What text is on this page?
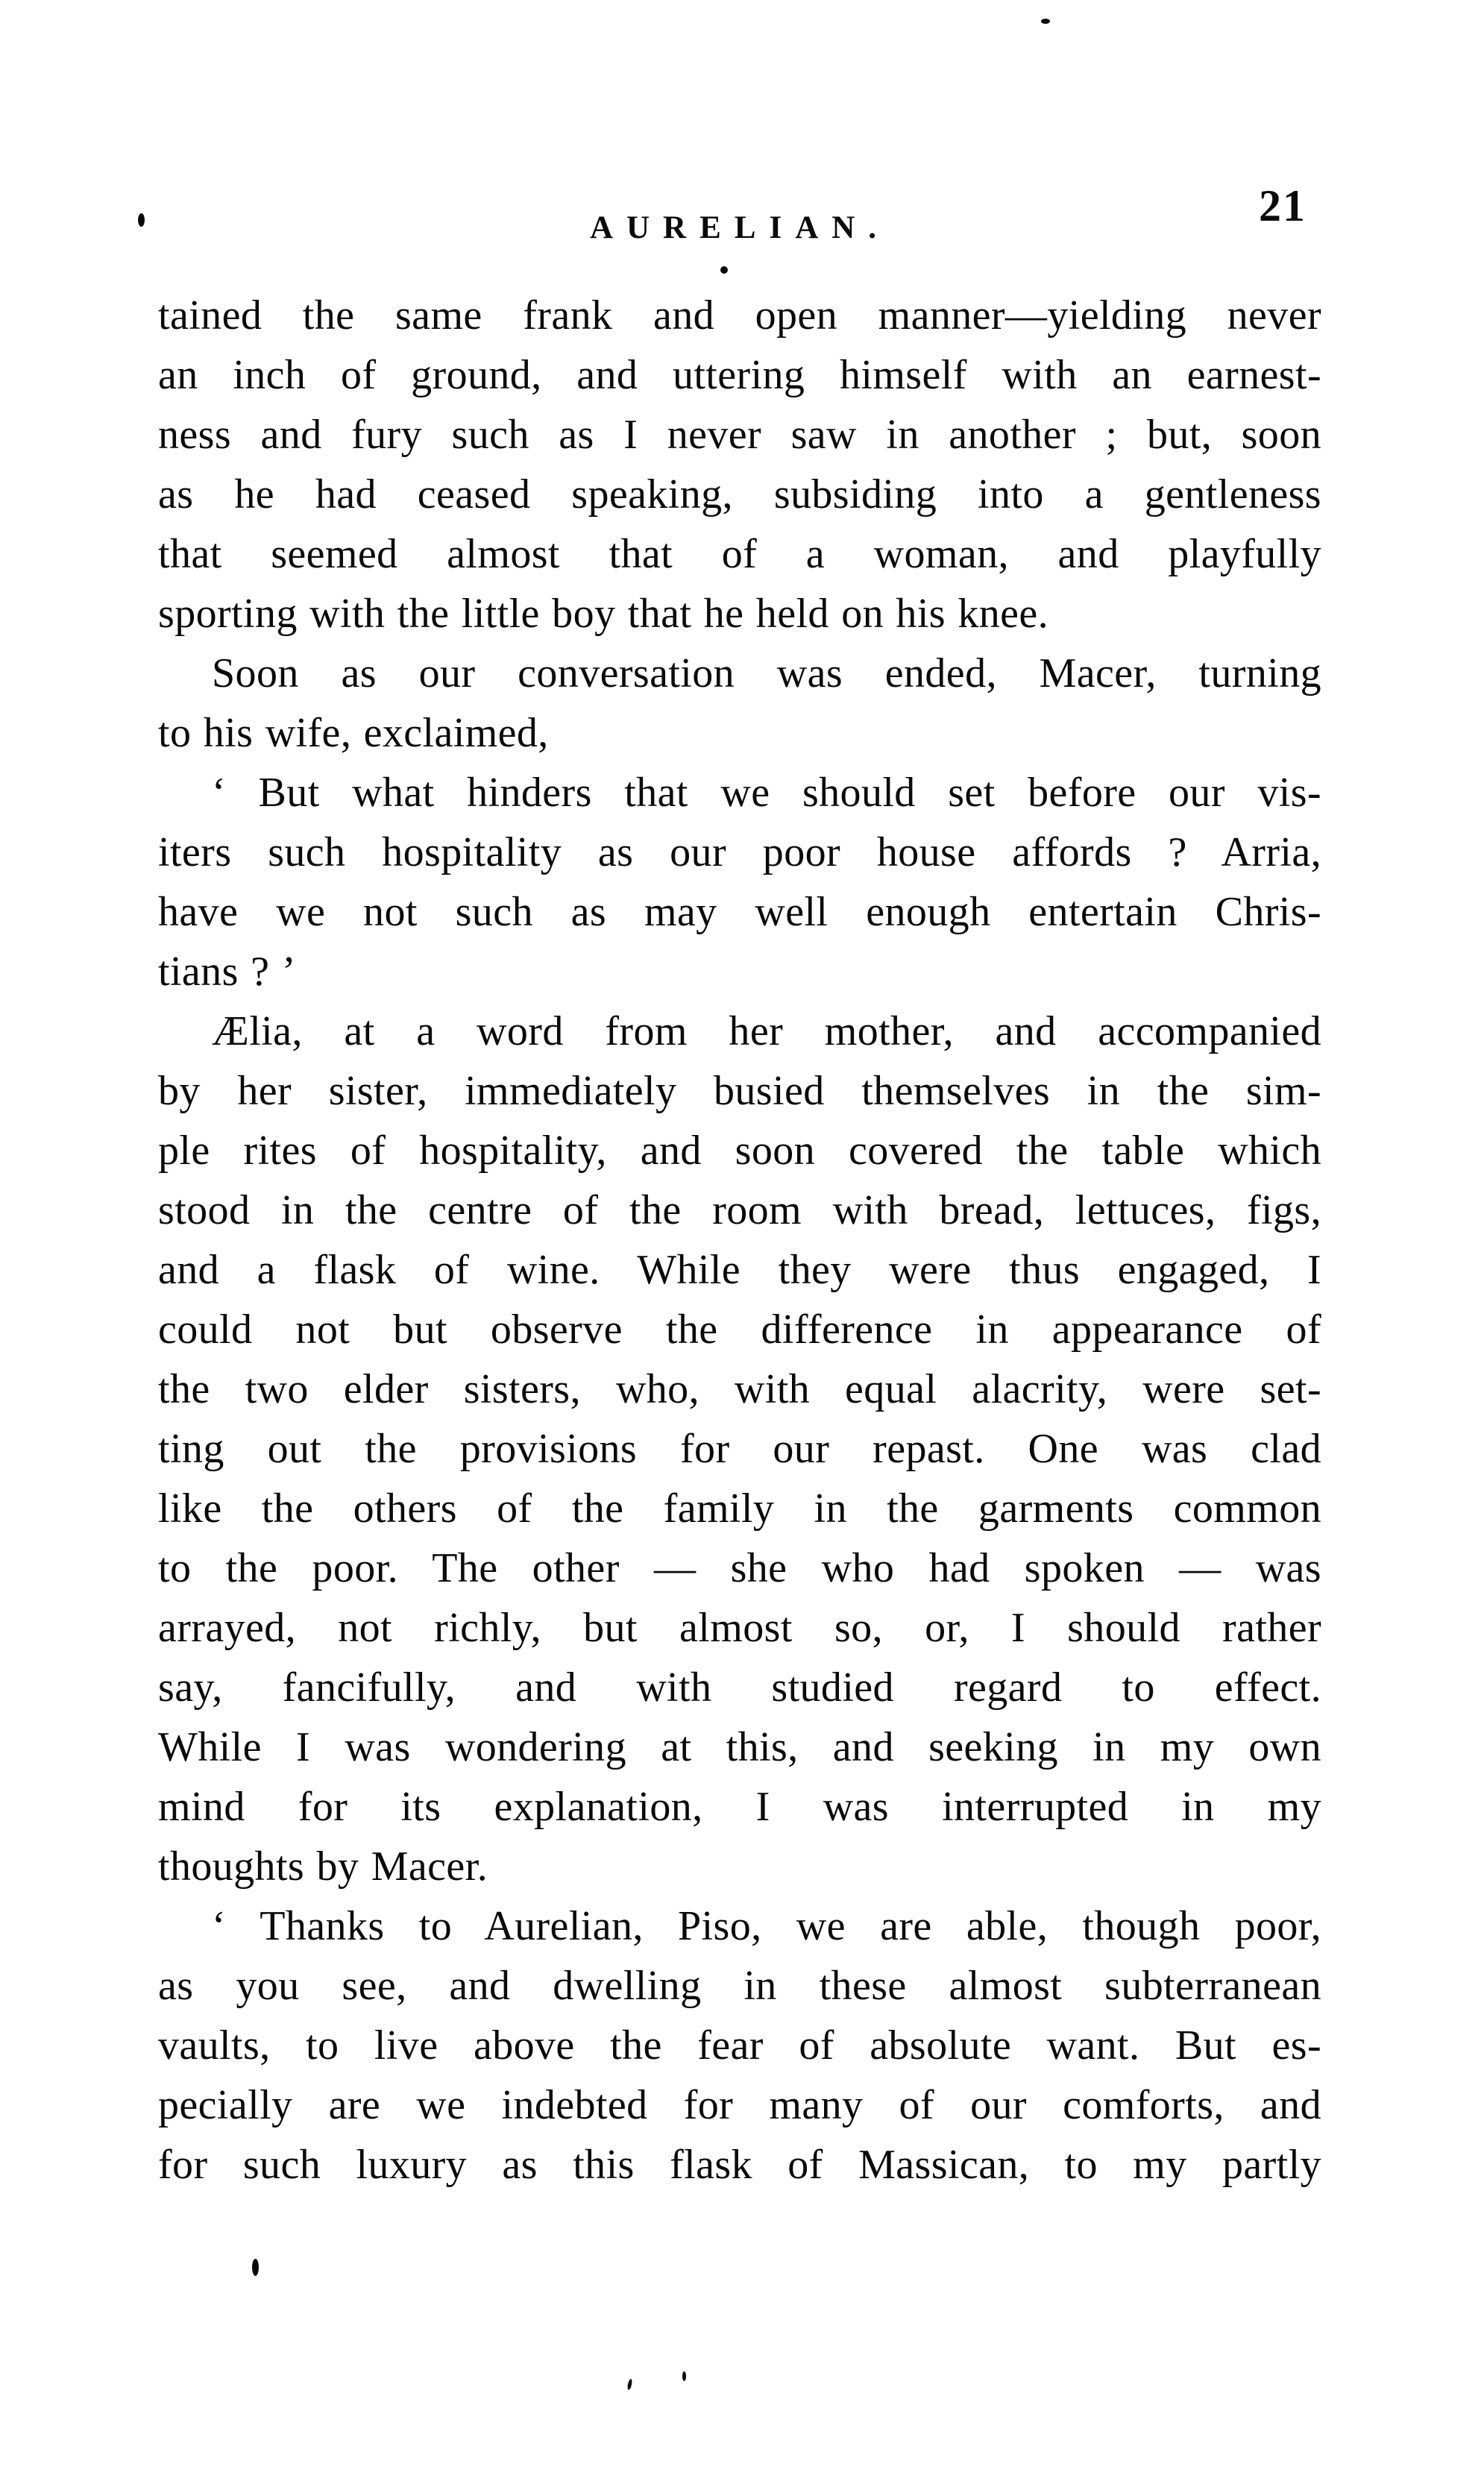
AURELIAN.	21
tained the same frank and open manner—yielding never
an inch of ground, and uttering himself with an earnest-
ness and fury such as I never saw in another ; but, soon
as he had ceased speaking, subsiding into a gentleness
that seemed almost that of a woman, and playfully
sporting with the little boy that he held on his knee.
Soon as our conversation was ended, Macer, turning
to his wife, exclaimed,
‘ But what hinders that we should set before our vis-
iters such hospitality as our poor house affords ? Arria,
have we not such as may well enough entertain Chris-
tians ? ’
Ælia, at a word from her mother, and accompanied
by her sister, immediately busied themselves in the sim-
ple rites of hospitality, and soon covered the table which
stood in the centre of the room with bread, lettuces, figs,
and a flask of wine. While they were thus engaged, I
could not but observe the difference in appearance of
the two elder sisters, who, with equal alacrity, were set-
ting out the provisions for our repast. One was clad
like the others of the family in the garments common
to the poor. The other — she who had spoken — was
arrayed, not richly, but almost so, or, I should rather
say, fancifully, and with studied regard to effect.
While I was wondering at this, and seeking in my own
mind for its explanation, I was interrupted in my
thoughts by Macer.
‘ Thanks to Aurelian, Piso, we are able, though poor,
as you see, and dwelling in these almost subterranean
vaults, to live above the fear of absolute want. But es-
pecially are we indebted for many of our comforts, and
for such luxury as this flask of Massican, to my partly
